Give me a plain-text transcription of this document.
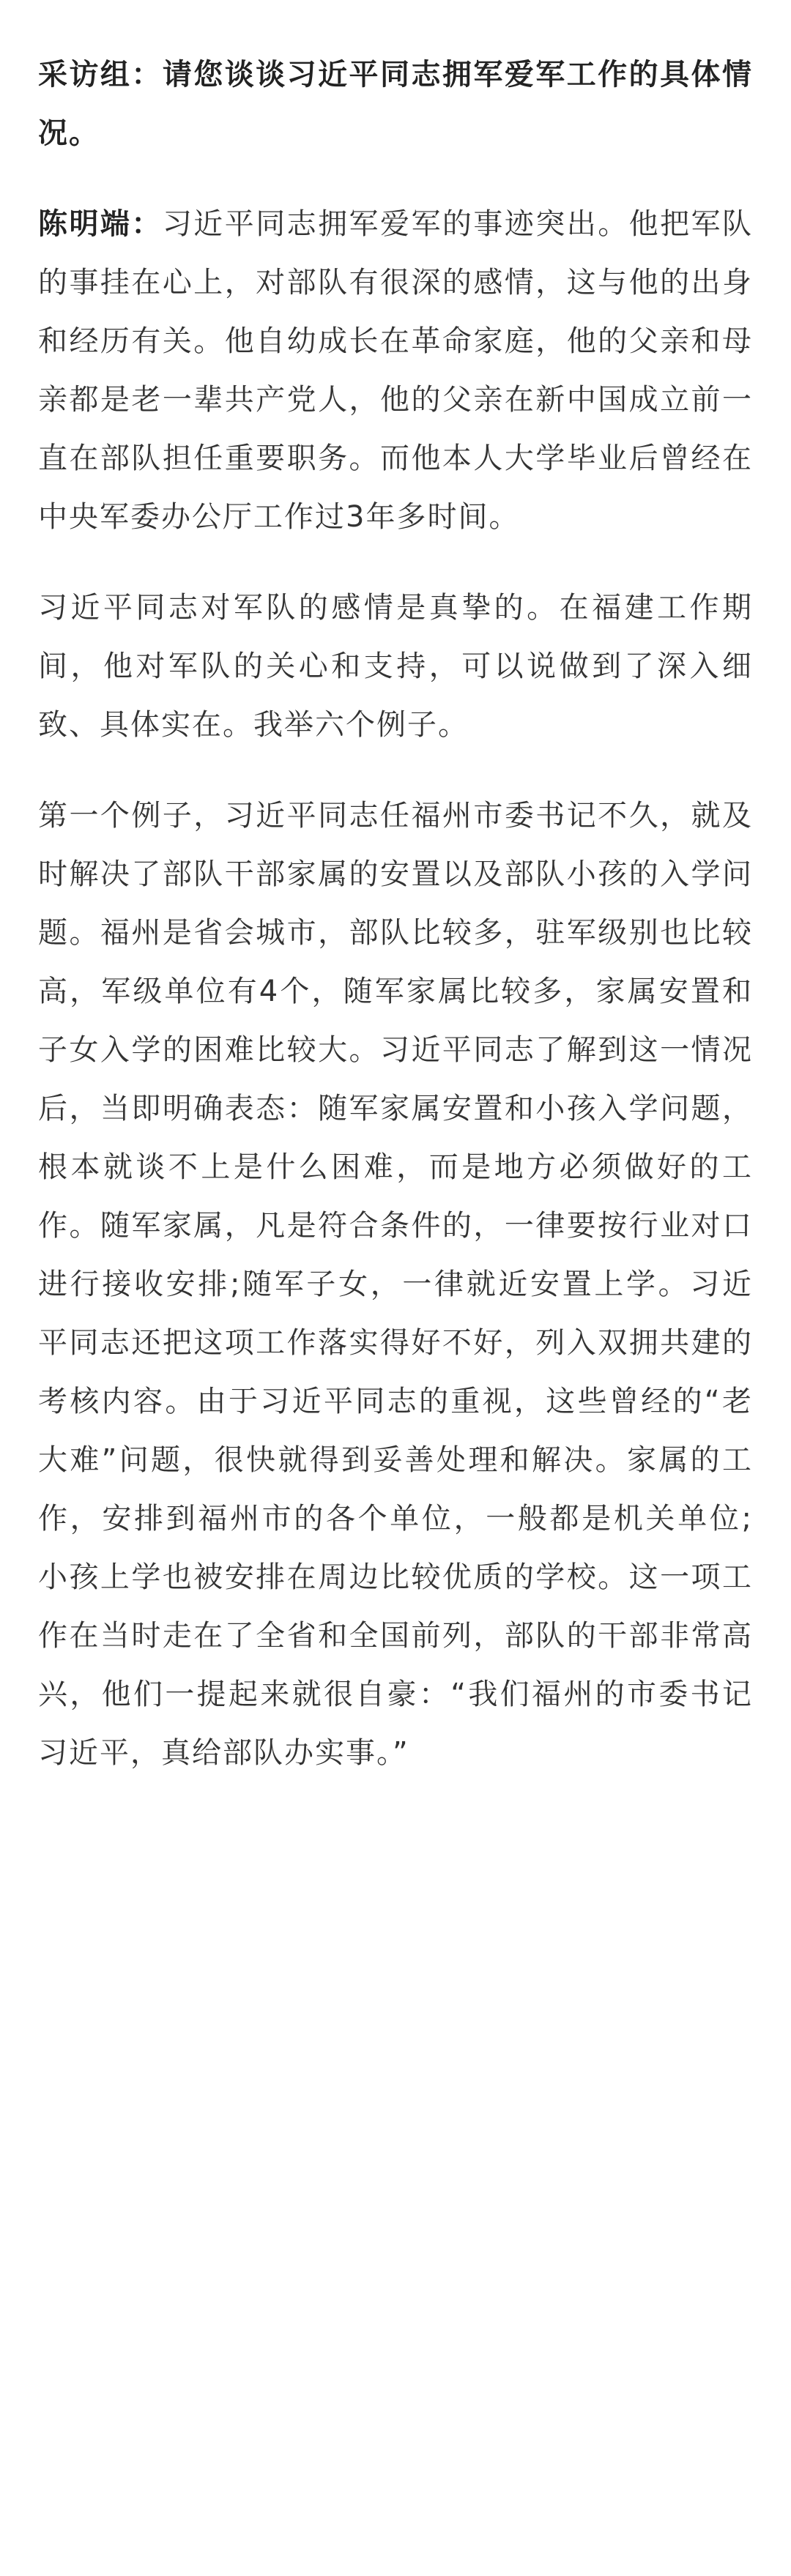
采访组：请您谈谈习近平同志拥军爱军工作的具体情况。

陈明端：习近平同志拥军爱军的事迹突出。他把军队的事挂在心上，对部队有很深的感情，这与他的出身和经历有关。他自幼成长在革命家庭，他的父亲和母亲都是老一辈共产党人，他的父亲在新中国成立前一直在部队担任重要职务。而他本人大学毕业后曾经在中央军委办公厅工作过3年多时间。

习近平同志对军队的感情是真挚的。在福建工作期间，他对军队的关心和支持，可以说做到了深入细致、具体实在。我举六个例子。

第一个例子，习近平同志任福州市委书记不久，就及时解决了部队干部家属的安置以及部队小孩的入学问题。福州是省会城市，部队比较多，驻军级别也比较高，军级单位有4个，随军家属比较多，家属安置和子女入学的困难比较大。习近平同志了解到这一情况后，当即明确表态：随军家属安置和小孩入学问题，根本就谈不上是什么困难，而是地方必须做好的工作。随军家属，凡是符合条件的，一律要按行业对口进行接收安排;随军子女，一律就近安置上学。习近平同志还把这项工作落实得好不好，列入双拥共建的考核内容。由于习近平同志的重视，这些曾经的“老大难”问题，很快就得到妥善处理和解决。家属的工作，安排到福州市的各个单位，一般都是机关单位;小孩上学也被安排在周边比较优质的学校。这一项工作在当时走在了全省和全国前列，部队的干部非常高兴，他们一提起来就很自豪：“我们福州的市委书记习近平，真给部队办实事。”
